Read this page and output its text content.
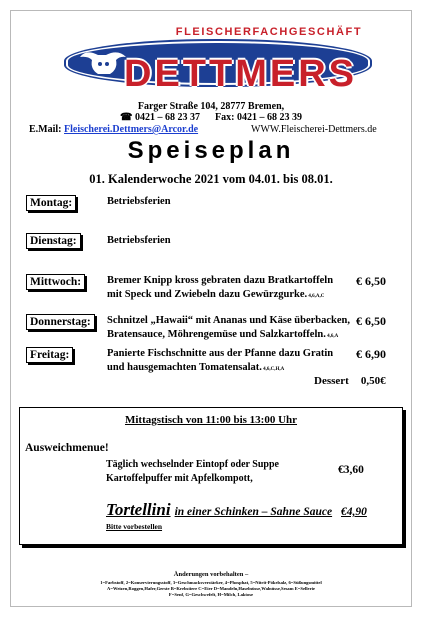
FLEISCHERFACHGESCHÄFT
DETTMERS
Farger Straße 104, 28777 Bremen,
☎ 0421 – 68 23 37      Fax: 0421 – 68 23 39
E.Mail: Fleischerei.Dettmers@Arcor.de	WWW.Fleischerei-Dettmers.de
Speiseplan
01. Kalenderwoche 2021 vom 04.01. bis 08.01.
Montag:	Betriebsferien
Dienstag:	Betriebsferien
Mittwoch:	Bremer Knipp kross gebraten dazu Bratkartoffeln
mit Speck und Zwiebeln dazu Gewürzgurke. 4,6,A,C
€ 6,50
Donnerstag:	Schnitzel „Hawaii“ mit Ananas und Käse überbacken,
Bratensauce, Möhrengemüse und Salzkartoffeln. 4,6,A
€ 6,50
Freitag:	Panierte Fischschnitte aus der Pfanne dazu Gratin
und hausgemachten Tomatensalat. 4,6,C,H,A
€ 6,90
Dessert 0,50€
Mittagstisch von 11:00 bis 13:00 Uhr
Ausweichmenue!
Täglich wechselnder Eintopf oder Suppe
Kartoffelpuffer mit Apfelkompott,
€3,60
Tortellini in einer Schinken – Sahne Sauce €4,90
Bitte vorbestellen
Änderungen vorbehalten –
1=Farbstoff, 2=Konservierungsstoff, 3=Geschmacksverstärker, 4=Phosphat, 5=Nitrit-Pökelsalz, 6=Süßungsmittel
A=Weizen,Roggen,Hafer,Gerste B=Krebstiere C=Eier D=Mandeln,Haselnüsse,Walnüsse,Sesam E=Sellerie
F=Senf, G=Geschwefelt, H=Milch, Laktose
